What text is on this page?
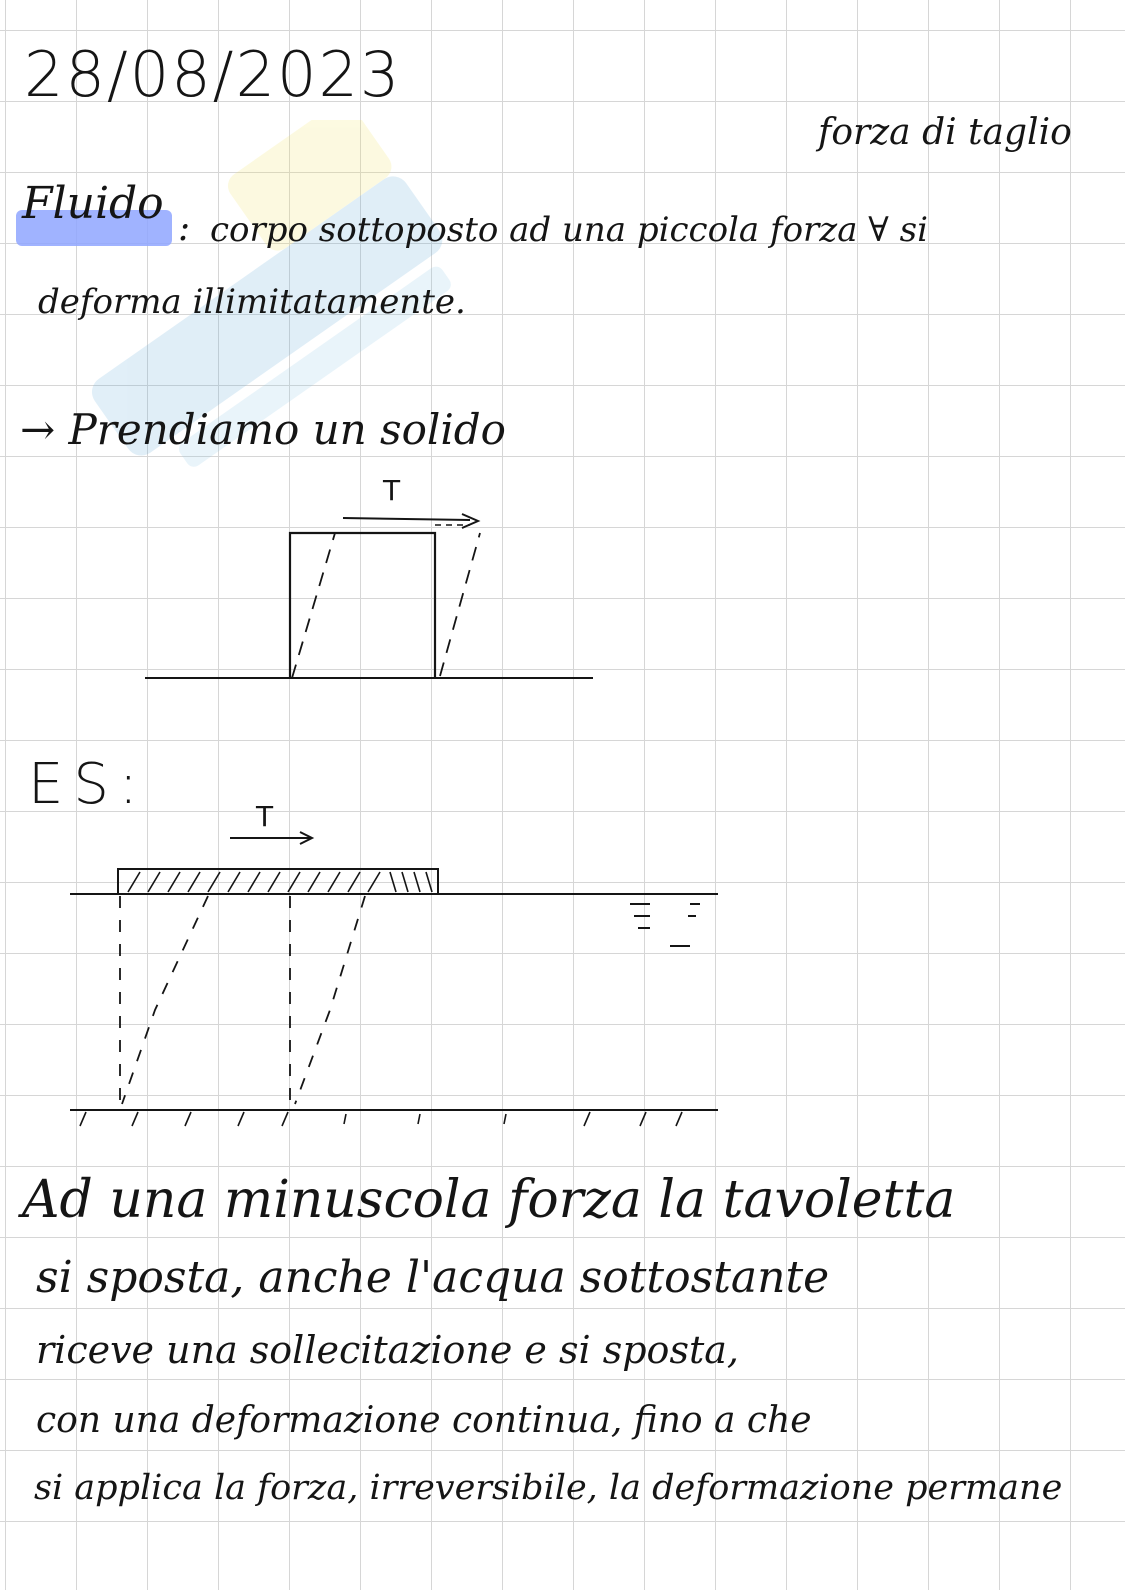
28/08/2023
forza di taglio
Fluido : corpo sottoposto ad una piccola forza ∀ si
deforma illimitatamente.
→ Prendiamo un solido
T
ES:	T
Ad una minuscola forza la tavoletta
si sposta, anche l'acqua sottostante
riceve una sollecitazione e si sposta,
con una deformazione continua, fino a che
si applica la forza, irreversibile, la deformazione permane
